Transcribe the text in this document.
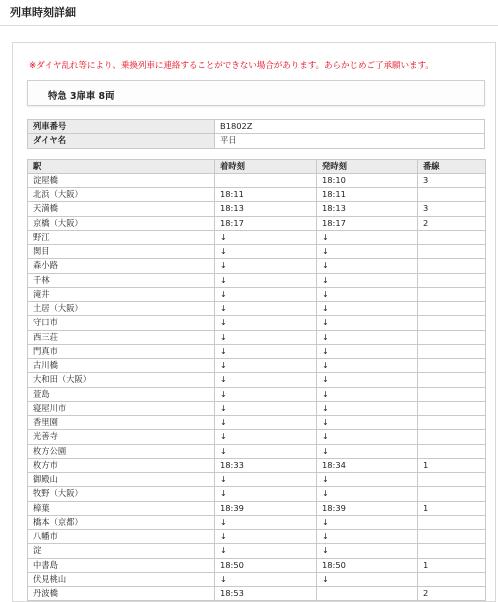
列車時刻詳細
※ダイヤ乱れ等により、乗換列車に連絡することができない場合があります。あらかじめご了承願います。
特急 3扉車 8両
列車番号	B1802Z
ダイヤ名	平日
駅	着時刻	発時刻	番線
淀屋橋		18:10	3
北浜（大阪）	18:11	18:11	
天満橋	18:13	18:13	3
京橋（大阪）	18:17	18:17	2
野江	↓	↓	
関目	↓	↓	
森小路	↓	↓	
千林	↓	↓	
滝井	↓	↓	
土居（大阪）	↓	↓	
守口市	↓	↓	
西三荘	↓	↓	
門真市	↓	↓	
古川橋	↓	↓	
大和田（大阪）	↓	↓	
萱島	↓	↓	
寝屋川市	↓	↓	
香里園	↓	↓	
光善寺	↓	↓	
枚方公園	↓	↓	
枚方市	18:33	18:34	1
御殿山	↓	↓	
牧野（大阪）	↓	↓	
樟葉	18:39	18:39	1
橋本（京都）	↓	↓	
八幡市	↓	↓	
淀	↓	↓	
中書島	18:50	18:50	1
伏見桃山	↓	↓	
丹波橋	18:53		2
